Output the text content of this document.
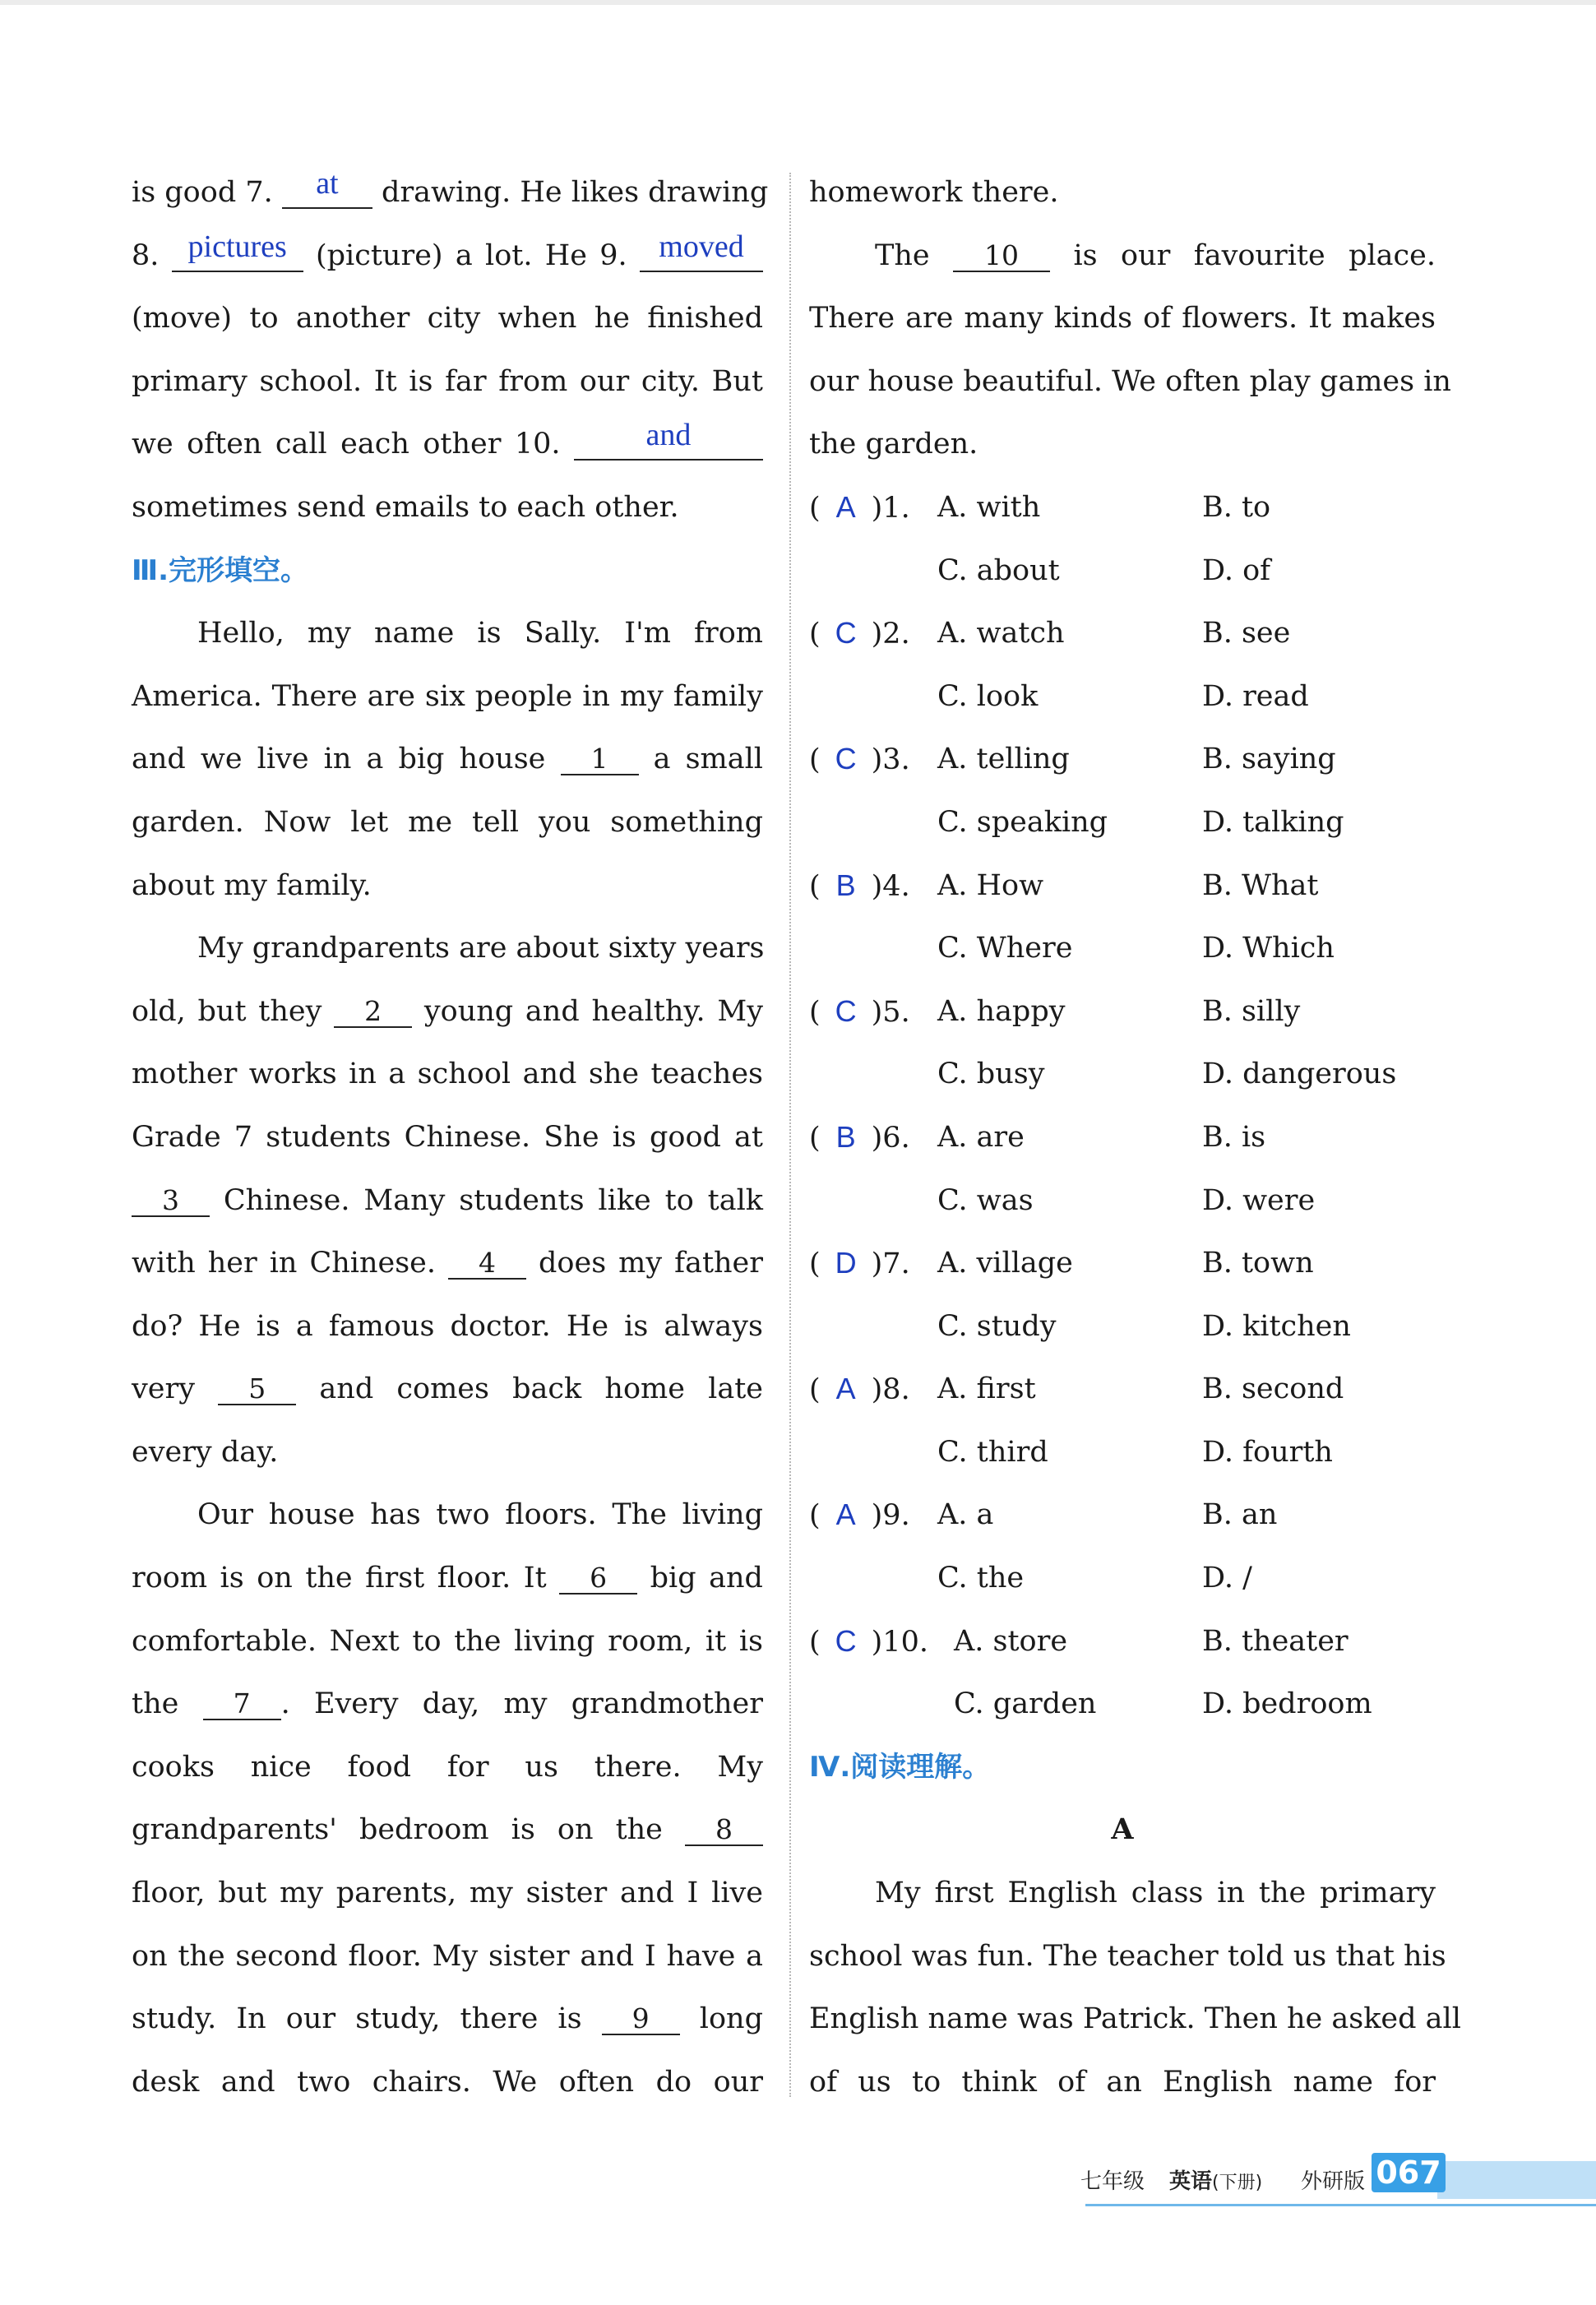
is good 7. at drawing. He likes drawing
8. pictures (picture) a lot. He 9. moved
(move) to another city when he finished
primary school. It is far from our city. But
we often call each other 10.	and
sometimes send emails to each other.
Ⅲ.完形填空。
Hello, my name is Sally. I'm from
America. There are six people in my family
and we live in a big house 1 a small
garden. Now let me tell you something
about my family.
My grandparents are about sixty years
old, but they 2 young and healthy. My
mother works in a school and she teaches
Grade 7 students Chinese. She is good at
3 Chinese. Many students like to talk
with her in Chinese. 4 does my father
do? He is a famous doctor. He is always
very 5 and comes back home late
every day.
Our house has two floors. The living
room is on the first floor. It 6 big and
comfortable. Next to the living room, it is
the 7 . Every day, my grandmother
cooks nice food for us there. My
grandparents' bedroom is on the 8
floor, but my parents, my sister and I live
on the second floor. My sister and I have a
study. In our study, there is 9 long
desk and two chairs. We often do our
homework there.
The 10 is our favourite place.
There are many kinds of flowers. It makes
our house beautiful. We often play games in
the garden.
( A )1. A. with	B. to
C. about	D. of
( C )2. A. watch	B. see
C. look	D. read
( C )3. A. telling	B. saying
C. speaking	D. talking
( B )4. A. How	B. What
C. Where	D. Which
( C )5. A. happy	B. silly
C. busy	D. dangerous
( B )6. A. are	B. is
C. was	D. were
( D )7. A. village	B. town
C. study	D. kitchen
( A )8. A. first	B. second
C. third	D. fourth
( A )9. A. a	B. an
C. the	D. /
( C )10. A. store	B. theater
C. garden	D. bedroom
Ⅳ.阅读理解。
A
My first English class in the primary
school was fun. The teacher told us that his
English name was Patrick. Then he asked all
of us to think of an English name for
七年级 英语(下册) 外研版 067
